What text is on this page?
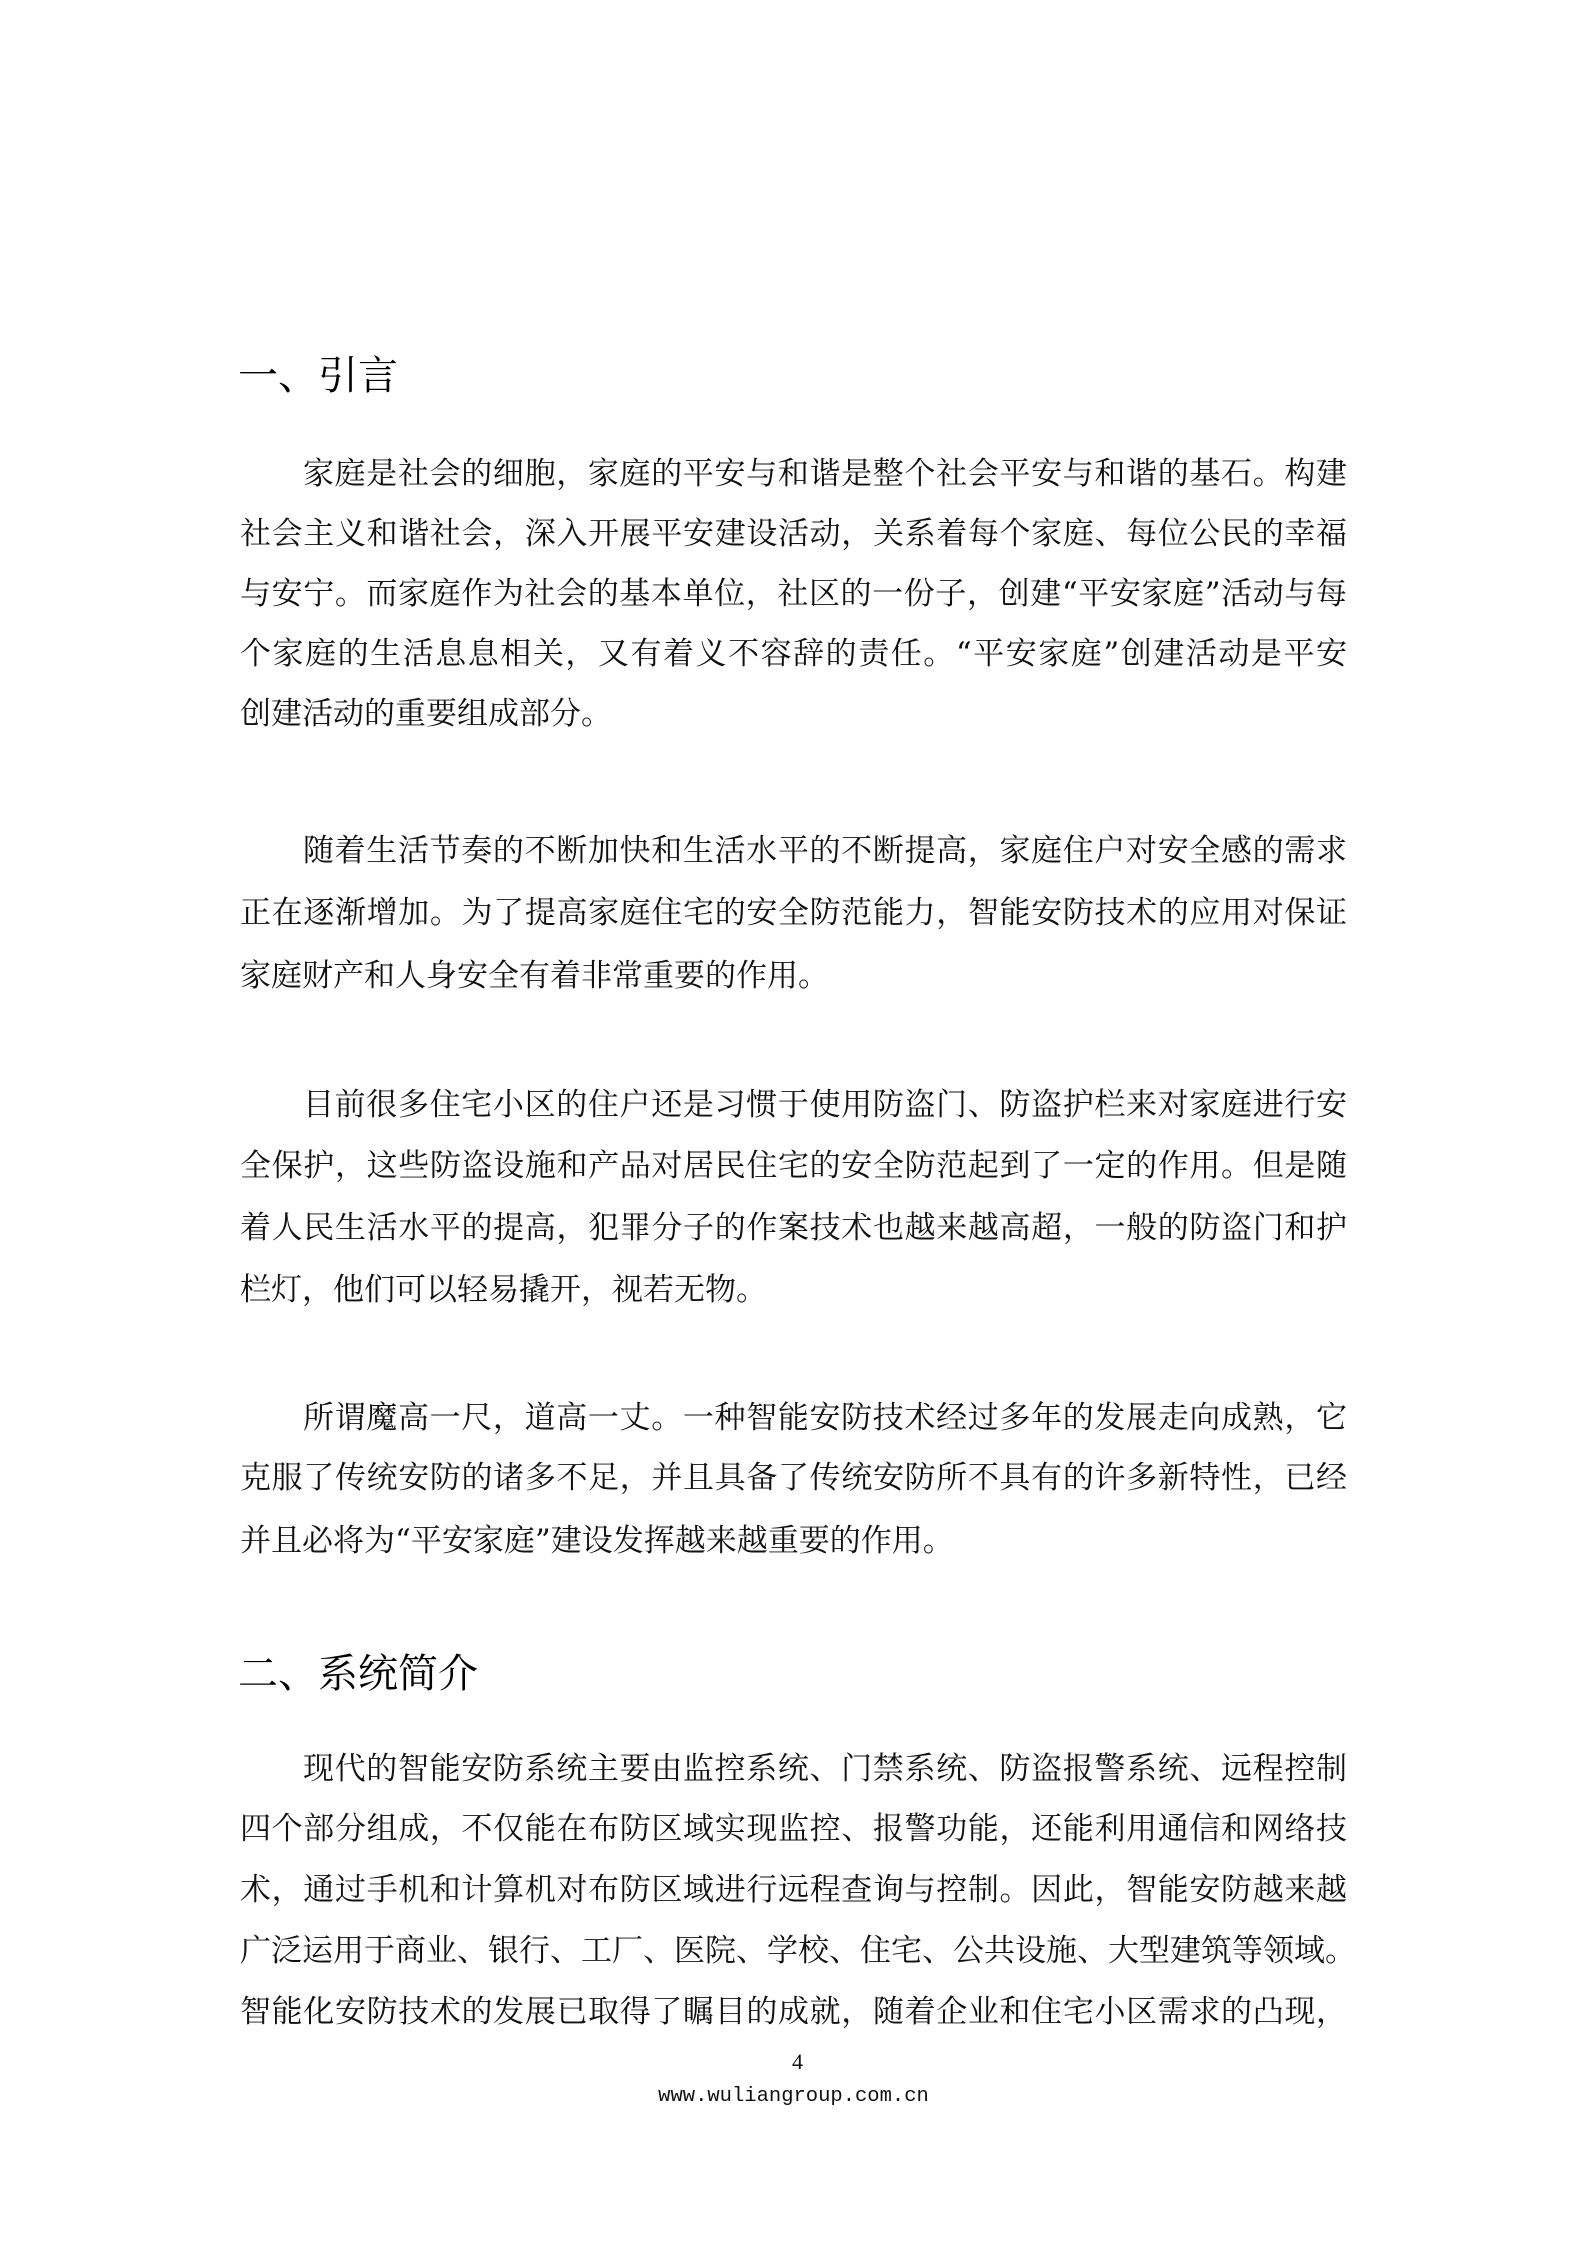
一、引言
家庭是社会的细胞，家庭的平安与和谐是整个社会平安与和谐的基石。构建
社会主义和谐社会，深入开展平安建设活动，关系着每个家庭、每位公民的幸福
与安宁。而家庭作为社会的基本单位，社区的一份子，创建“平安家庭”活动与每
个家庭的生活息息相关，又有着义不容辞的责任。“平安家庭”创建活动是平安
创建活动的重要组成部分。
随着生活节奏的不断加快和生活水平的不断提高，家庭住户对安全感的需求
正在逐渐增加。为了提高家庭住宅的安全防范能力，智能安防技术的应用对保证
家庭财产和人身安全有着非常重要的作用。
目前很多住宅小区的住户还是习惯于使用防盗门、防盗护栏来对家庭进行安
全保护，这些防盗设施和产品对居民住宅的安全防范起到了一定的作用。但是随
着人民生活水平的提高，犯罪分子的作案技术也越来越高超，一般的防盗门和护
栏灯，他们可以轻易撬开，视若无物。
所谓魔高一尺，道高一丈。一种智能安防技术经过多年的发展走向成熟，它
克服了传统安防的诸多不足，并且具备了传统安防所不具有的许多新特性，已经
并且必将为“平安家庭”建设发挥越来越重要的作用。
二、系统简介
现代的智能安防系统主要由监控系统、门禁系统、防盗报警系统、远程控制
四个部分组成，不仅能在布防区域实现监控、报警功能，还能利用通信和网络技
术，通过手机和计算机对布防区域进行远程查询与控制。因此，智能安防越来越
广泛运用于商业、银行、工厂、医院、学校、住宅、公共设施、大型建筑等领域。
智能化安防技术的发展已取得了瞩目的成就，随着企业和住宅小区需求的凸现，
4
www.wuliangroup.com.cn
